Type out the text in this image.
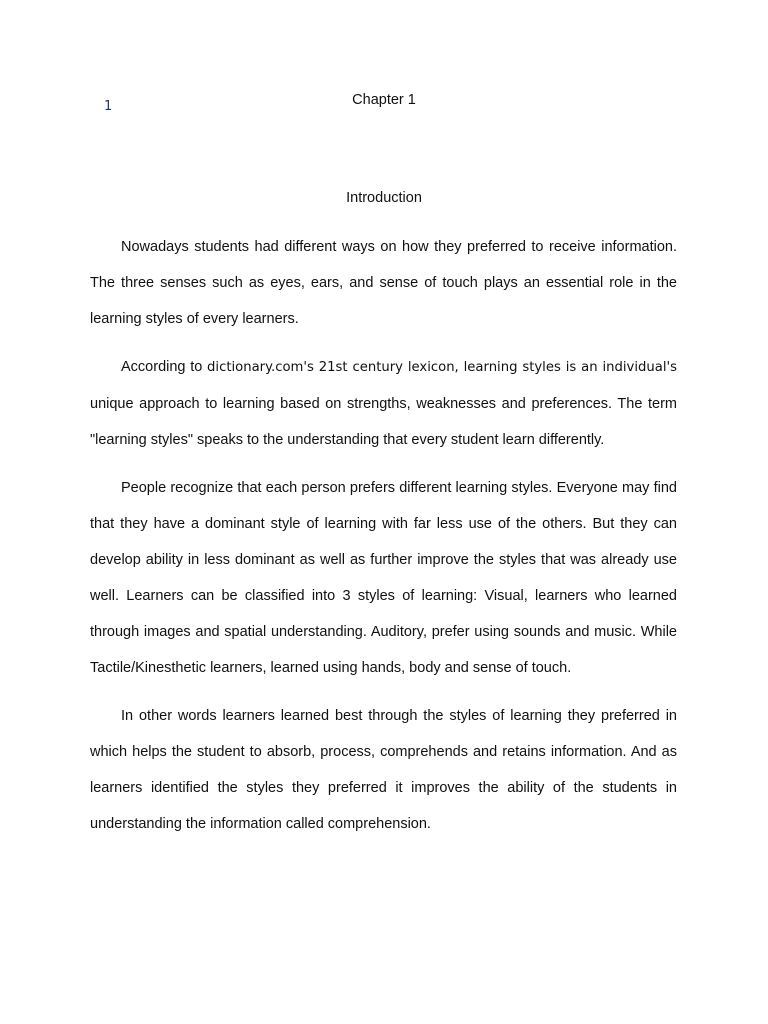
1	Chapter 1
Introduction

Nowadays students had different ways on how they preferred to receive information. The three senses such as eyes, ears, and sense of touch plays an essential role in the learning styles of every learners.

According to dictionary.com's 21st century lexicon, learning styles is an individual's unique approach to learning based on strengths, weaknesses and preferences. The term "learning styles" speaks to the understanding that every student learn differently.

People recognize that each person prefers different learning styles. Everyone may find that they have a dominant style of learning with far less use of the others. But they can develop ability in less dominant as well as further improve the styles that was already use well. Learners can be classified into 3 styles of learning: Visual, learners who learned through images and spatial understanding. Auditory, prefer using sounds and music. While Tactile/Kinesthetic learners, learned using hands, body and sense of touch.

In other words learners learned best through the styles of learning they preferred in which helps the student to absorb, process, comprehends and retains information. And as learners identified the styles they preferred it improves the ability of the students in understanding the information called comprehension.
